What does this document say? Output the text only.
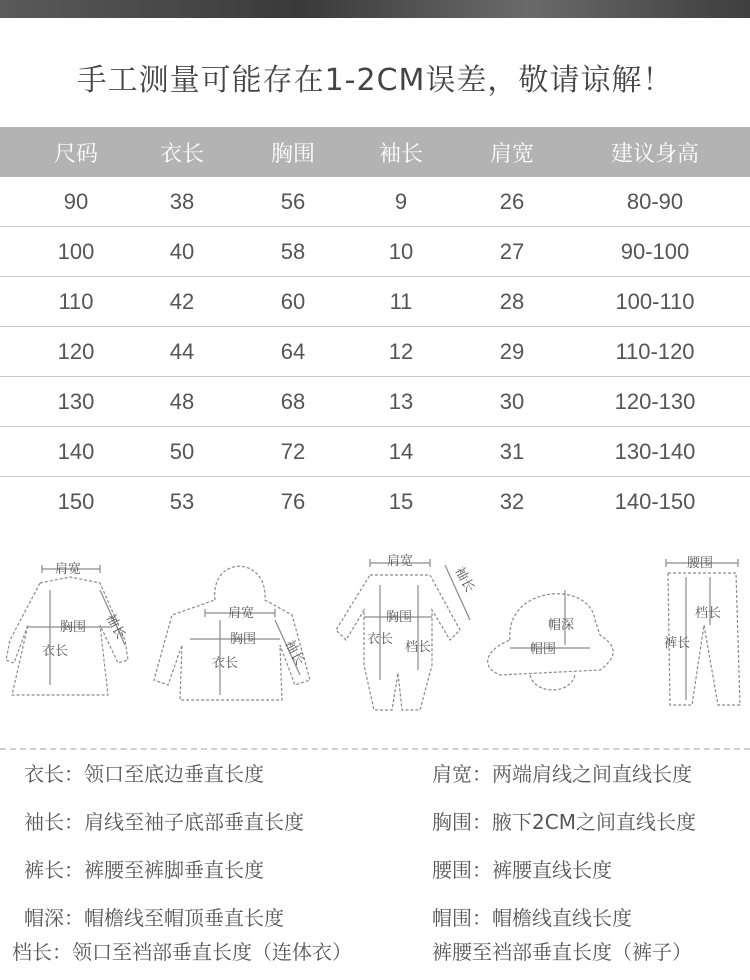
手工测量可能存在1-2CM误差，敬请谅解！
尺码	衣长	胸围	袖长	肩宽	建议身高
90	38	56	9	26	80-90
100	40	58	10	27	90-100
110	42	60	11	28	100-110
120	44	64	12	29	110-120
130	48	68	13	30	120-130
140	50	72	14	31	130-140
150	53	76	15	32	140-150
肩宽
胸围
衣长
袖长	肩宽
胸围
衣长	袖长
肩宽
胸围
衣长
档长
袖长
帽深
帽围
腰围
档长
裤长
衣长：领口至底边垂直长度	肩宽：两端肩线之间直线长度
袖长：肩线至袖子底部垂直长度	胸围：腋下2CM之间直线长度
裤长：裤腰至裤脚垂直长度	腰围：裤腰直线长度
帽深：帽檐线至帽顶垂直长度	帽围：帽檐线直线长度
档长：领口至裆部垂直长度（连体衣）	裤腰至裆部垂直长度（裤子）
